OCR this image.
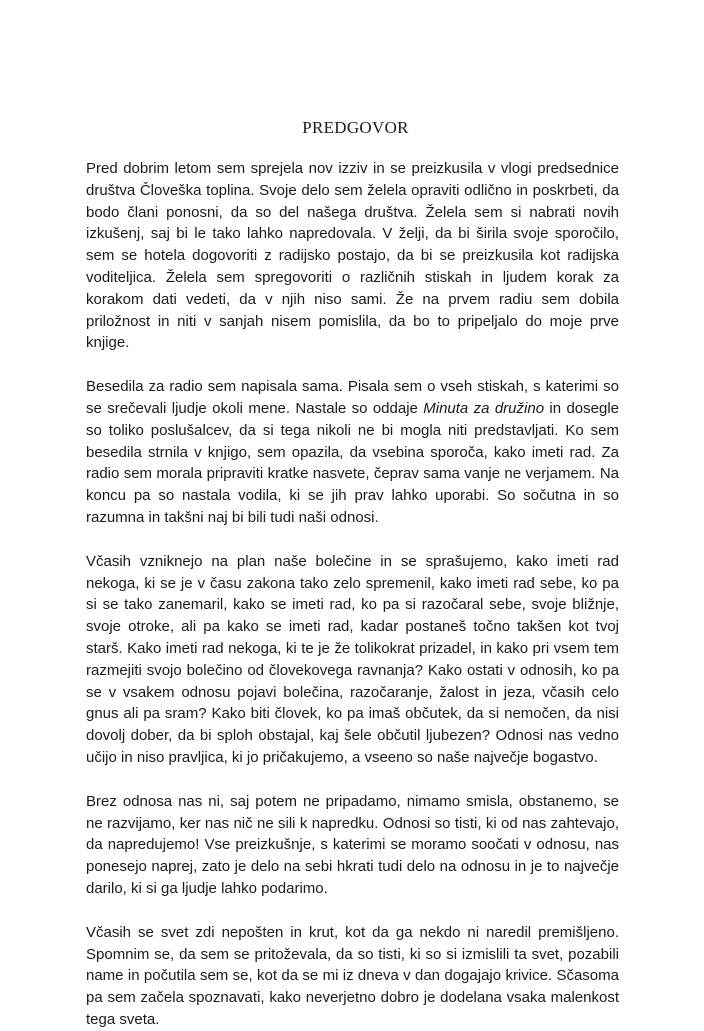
PREDGOVOR

Pred dobrim letom sem sprejela nov izziv in se preizkusila v vlogi predsednice društva Človeška toplina. Svoje delo sem želela opraviti odlično in poskrbeti, da bodo člani ponosni, da so del našega društva. Želela sem si nabrati novih izkušenj, saj bi le tako lahko napredovala. V želji, da bi širila svoje sporočilo, sem se hotela dogovoriti z radijsko postajo, da bi se preizkusila kot radijska voditeljica. Želela sem spregovoriti o različnih stiskah in ljudem korak za korakom dati vedeti, da v njih niso sami. Že na prvem radiu sem dobila priložnost in niti v sanjah nisem pomislila, da bo to pripeljalo do moje prve knjige.

Besedila za radio sem napisala sama. Pisala sem o vseh stiskah, s katerimi so se srečevali ljudje okoli mene. Nastale so oddaje Minuta za družino in dosegle so toliko poslušalcev, da si tega nikoli ne bi mogla niti predstavljati. Ko sem besedila strnila v knjigo, sem opazila, da vsebina sporoča, kako imeti rad. Za radio sem morala pripraviti kratke nasvete, čeprav sama vanje ne verjamem. Na koncu pa so nastala vodila, ki se jih prav lahko uporabi. So sočutna in so razumna in takšni naj bi bili tudi naši odnosi.

Včasih vzniknejo na plan naše bolečine in se sprašujemo, kako imeti rad nekoga, ki se je v času zakona tako zelo spremenil, kako imeti rad sebe, ko pa si se tako zanemaril, kako se imeti rad, ko pa si razočaral sebe, svoje bližnje, svoje otroke, ali pa kako se imeti rad, kadar postaneš točno takšen kot tvoj starš. Kako imeti rad nekoga, ki te je že tolikokrat prizadel, in kako pri vsem tem razmejiti svojo bolečino od človekovega ravnanja? Kako ostati v odnosih, ko pa se v vsakem odnosu pojavi bolečina, razočaranje, žalost in jeza, včasih celo gnus ali pa sram? Kako biti človek, ko pa imaš občutek, da si nemočen, da nisi dovolj dober, da bi sploh obstajal, kaj šele občutil ljubezen? Odnosi nas vedno učijo in niso pravljica, ki jo pričakujemo, a vseeno so naše največje bogastvo.

Brez odnosa nas ni, saj potem ne pripadamo, nimamo smisla, obstanemo, se ne razvijamo, ker nas nič ne sili k napredku. Odnosi so tisti, ki od nas zahtevajo, da napredujemo! Vse preizkušnje, s katerimi se moramo soočati v odnosu, nas ponesejo naprej, zato je delo na sebi hkrati tudi delo na odnosu in je to največje darilo, ki si ga ljudje lahko podarimo.

Včasih se svet zdi nepošten in krut, kot da ga nekdo ni naredil premišljeno. Spomnim se, da sem se pritoževala, da so tisti, ki so si izmislili ta svet, pozabili name in počutila sem se, kot da se mi iz dneva v dan dogajajo krivice. Sčasoma pa sem začela spoznavati, kako neverjetno dobro je dodelana vsaka malenkost tega sveta.
